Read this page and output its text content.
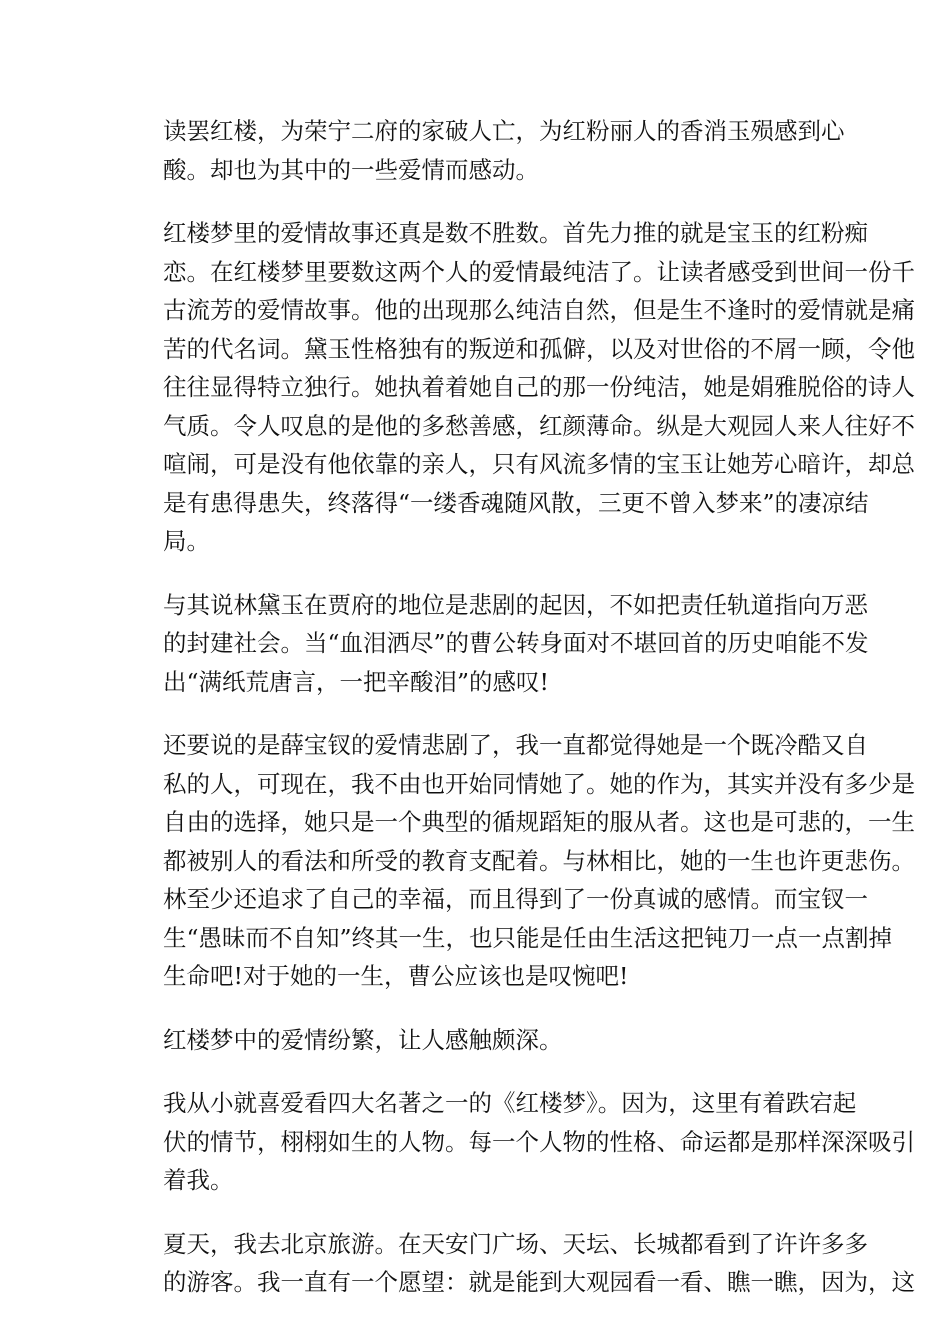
读罢红楼，为荣宁二府的家破人亡，为红粉丽人的香消玉殒感到心
酸。却也为其中的一些爱情而感动。

红楼梦里的爱情故事还真是数不胜数。首先力推的就是宝玉的红粉痴
恋。在红楼梦里要数这两个人的爱情最纯洁了。让读者感受到世间一份千
古流芳的爱情故事。他的出现那么纯洁自然，但是生不逢时的爱情就是痛
苦的代名词。黛玉性格独有的叛逆和孤僻，以及对世俗的不屑一顾，令他
往往显得特立独行。她执着着她自己的那一份纯洁，她是娟雅脱俗的诗人
气质。令人叹息的是他的多愁善感，红颜薄命。纵是大观园人来人往好不
喧闹，可是没有他依靠的亲人，只有风流多情的宝玉让她芳心暗许，却总
是有患得患失，终落得“一缕香魂随风散，三更不曾入梦来”的凄凉结
局。

与其说林黛玉在贾府的地位是悲剧的起因，不如把责任轨道指向万恶
的封建社会。当“血泪洒尽”的曹公转身面对不堪回首的历史咱能不发
出“满纸荒唐言，一把辛酸泪”的感叹!

还要说的是薛宝钗的爱情悲剧了，我一直都觉得她是一个既冷酷又自
私的人，可现在，我不由也开始同情她了。她的作为，其实并没有多少是
自由的选择，她只是一个典型的循规蹈矩的服从者。这也是可悲的，一生
都被别人的看法和所受的教育支配着。与林相比，她的一生也许更悲伤。
林至少还追求了自己的幸福，而且得到了一份真诚的感情。而宝钗一
生“愚昧而不自知”终其一生，也只能是任由生活这把钝刀一点一点割掉
生命吧!对于她的一生，曹公应该也是叹惋吧!

红楼梦中的爱情纷繁，让人感触颇深。

我从小就喜爱看四大名著之一的《红楼梦》。因为，这里有着跌宕起
伏的情节，栩栩如生的人物。每一个人物的性格、命运都是那样深深吸引
着我。

夏天，我去北京旅游。在天安门广场、天坛、长城都看到了许许多多
的游客。我一直有一个愿望：就是能到大观园看一看、瞧一瞧，因为，这
